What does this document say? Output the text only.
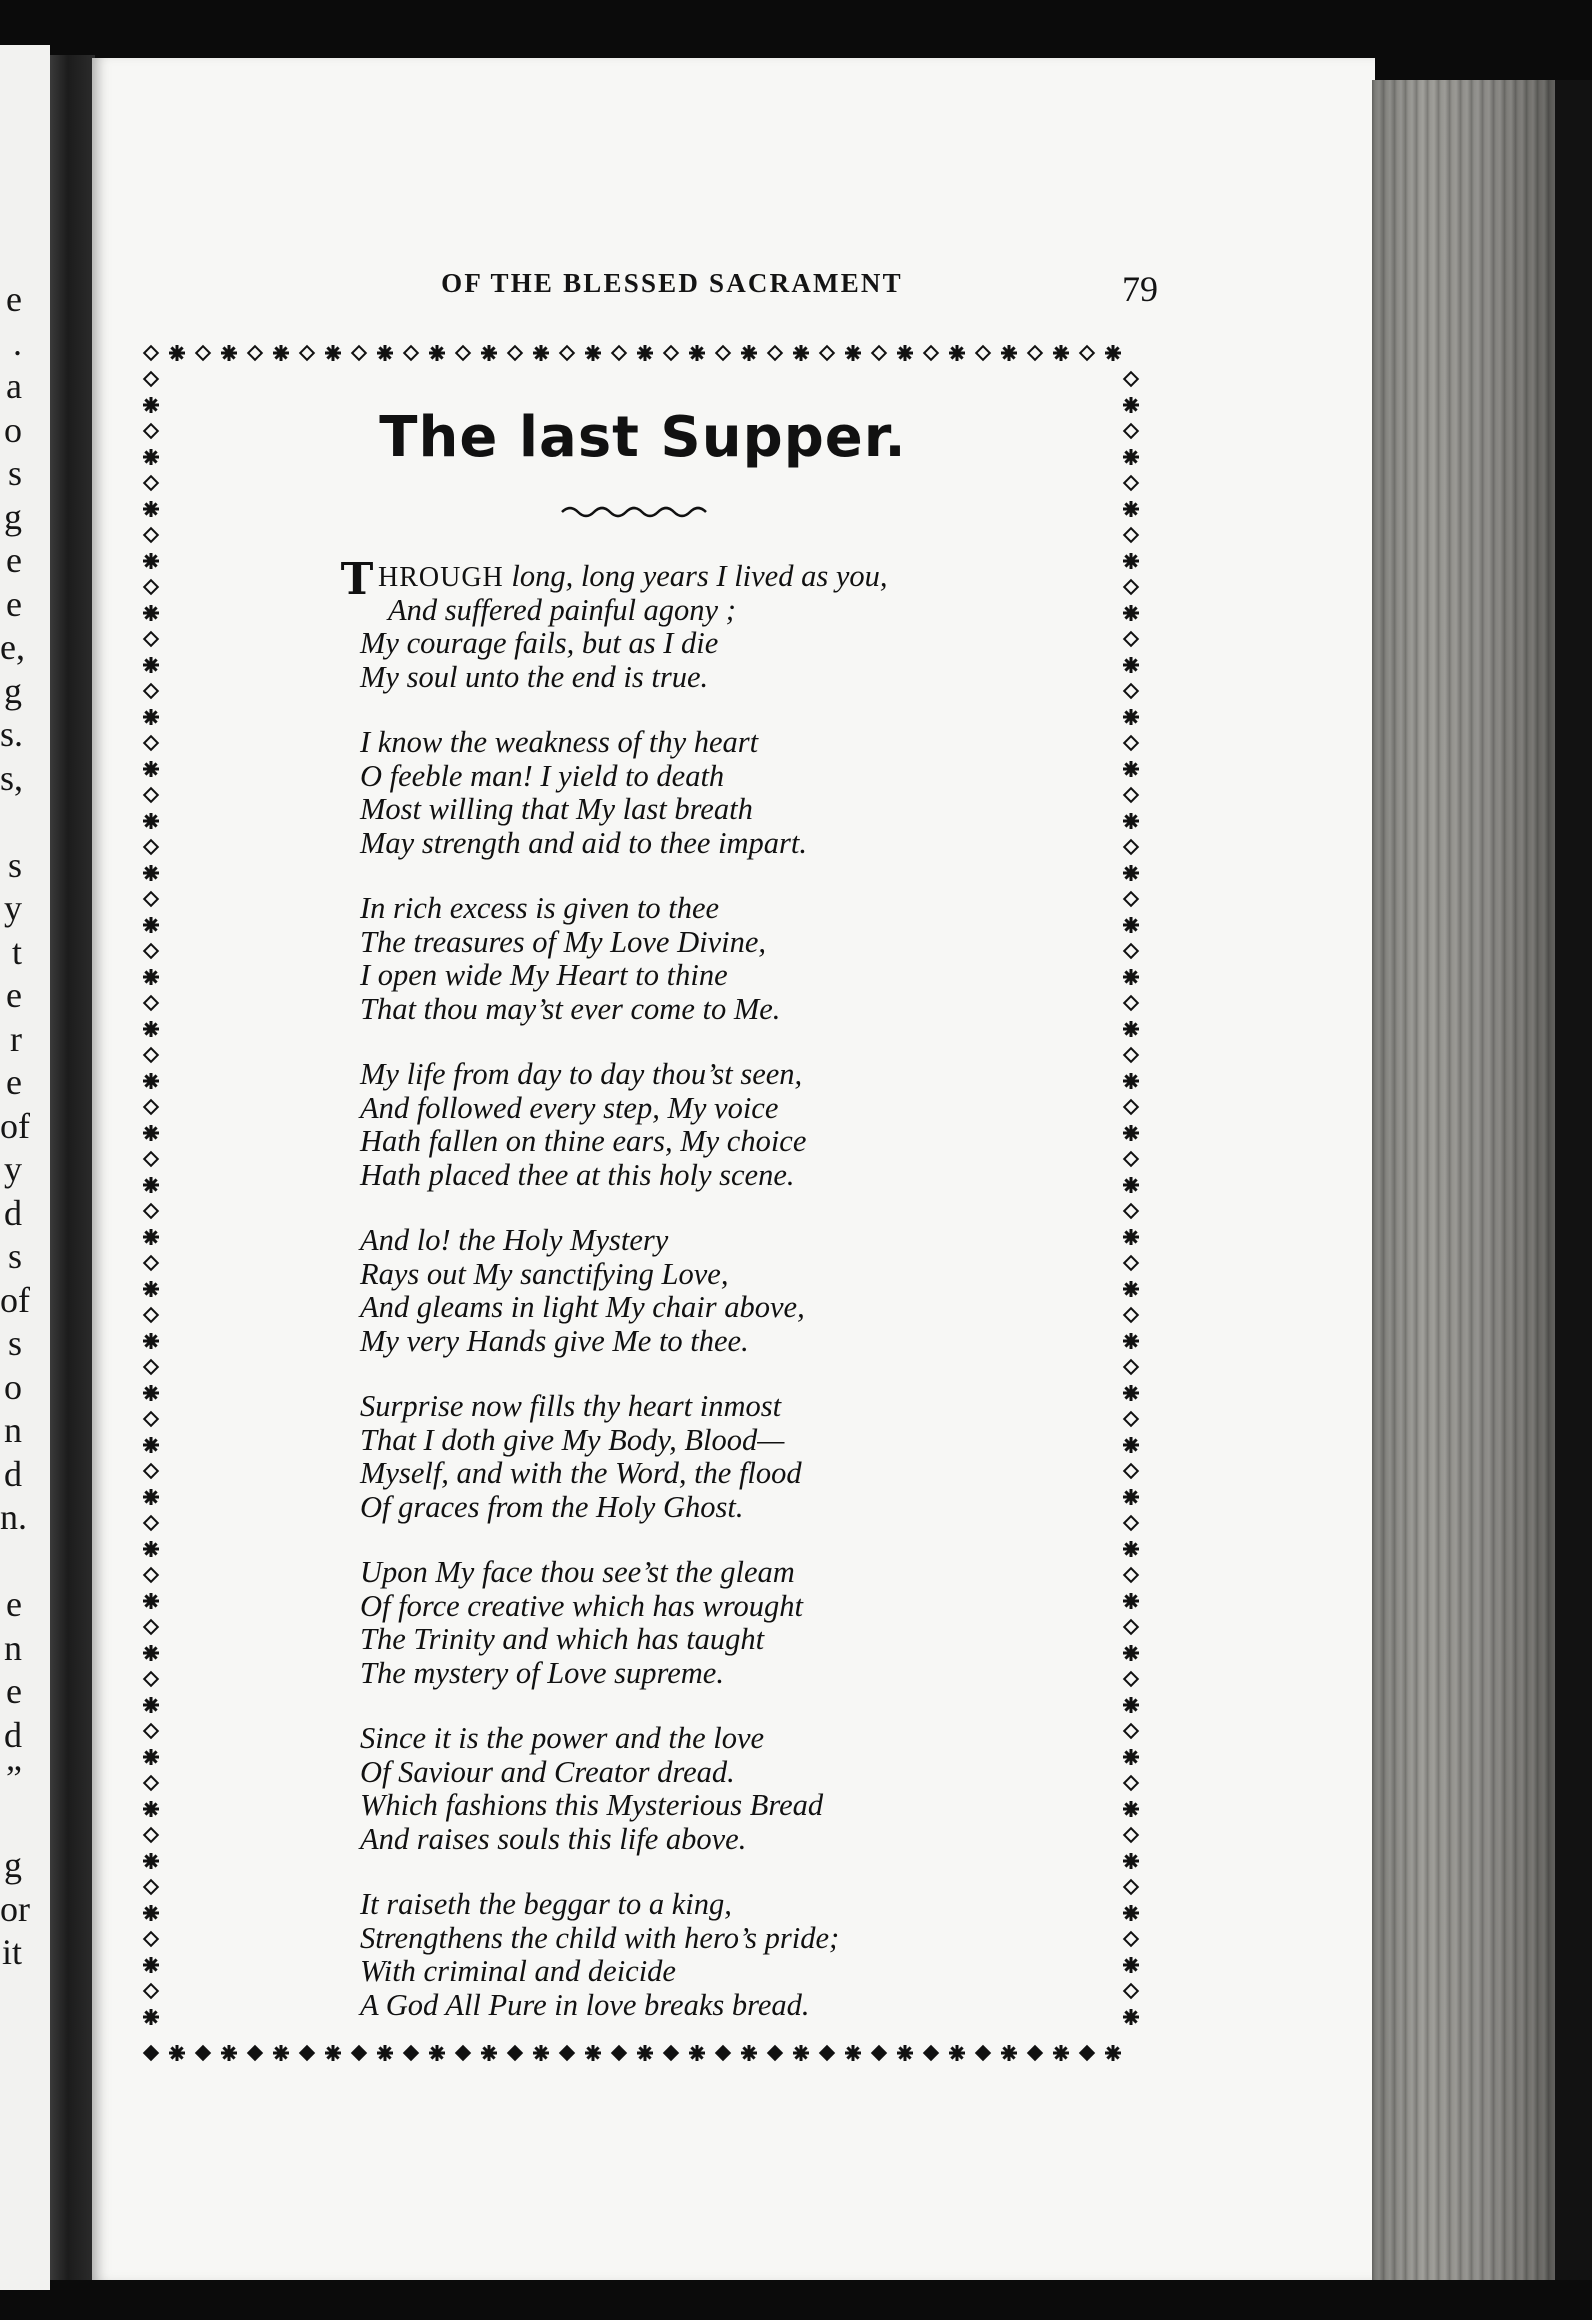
e
.
a
o
s
g
e
e
e,
g
s.
s,
s
y
t
e
r
e
of
y
d
s
of
s
o
n
d
n.
e
n
e
d
”
g
or
it
OF THE BLESSED SACRAMENT	79
The last Supper.
THROUGH long, long years I lived as you,
And suffered painful agony ;
My courage fails, but as I die
My soul unto the end is true.
I know the weakness of thy heart
O feeble man! I yield to death
Most willing that My last breath
May strength and aid to thee impart.
In rich excess is given to thee
The treasures of My Love Divine,
I open wide My Heart to thine
That thou may’st ever come to Me.
My life from day to day thou’st seen,
And followed every step, My voice
Hath fallen on thine ears, My choice
Hath placed thee at this holy scene.
And lo! the Holy Mystery
Rays out My sanctifying Love,
And gleams in light My chair above,
My very Hands give Me to thee.
Surprise now fills thy heart inmost
That I doth give My Body, Blood—
Myself, and with the Word, the flood
Of graces from the Holy Ghost.
Upon My face thou see’st the gleam
Of force creative which has wrought
The Trinity and which has taught
The mystery of Love supreme.
Since it is the power and the love
Of Saviour and Creator dread.
Which fashions this Mysterious Bread
And raises souls this life above.
It raiseth the beggar to a king,
Strengthens the child with hero’s pride;
With criminal and deicide
A God All Pure in love breaks bread.
